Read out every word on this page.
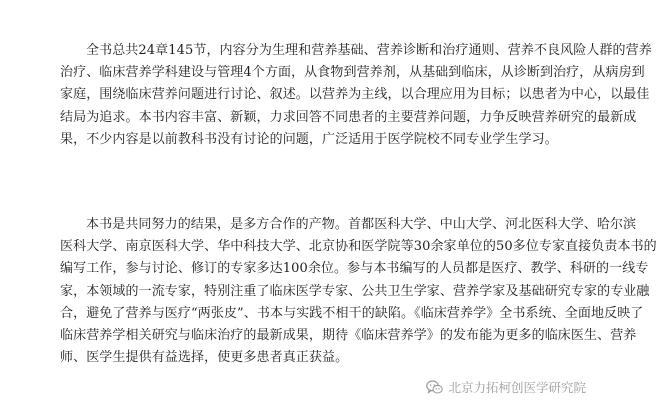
全书总共24章145节，内容分为生理和营养基础、营养诊断和治疗通则、营养不良风险人群的营养
治疗、临床营养学科建设与管理4个方面，从食物到营养剂，从基础到临床，从诊断到治疗，从病房到
家庭，围绕临床营养问题进行讨论、叙述。以营养为主线，以合理应用为目标；以患者为中心，以最佳
结局为追求。本书内容丰富、新颖，力求回答不同患者的主要营养问题，力争反映营养研究的最新成
果，不少内容是以前教科书没有讨论的问题，广泛适用于医学院校不同专业学生学习。

本书是共同努力的结果，是多方合作的产物。首都医科大学、中山大学、河北医科大学、哈尔滨
医科大学、南京医科大学、华中科技大学、北京协和医学院等30余家单位的50多位专家直接负责本书的
编写工作，参与讨论、修订的专家多达100余位。参与本书编写的人员都是医疗、教学、科研的一线专
家，本领域的一流专家，特别注重了临床医学专家、公共卫生学家、营养学家及基础研究专家的专业融
合，避免了营养与医疗“两张皮”、书本与实践不相干的缺陷。《临床营养学》全书系统、全面地反映了
临床营养学相关研究与临床治疗的最新成果，期待《临床营养学》的发布能为更多的临床医生、营养
师、医学生提供有益选择，使更多患者真正获益。

北京力拓柯创医学研究院
